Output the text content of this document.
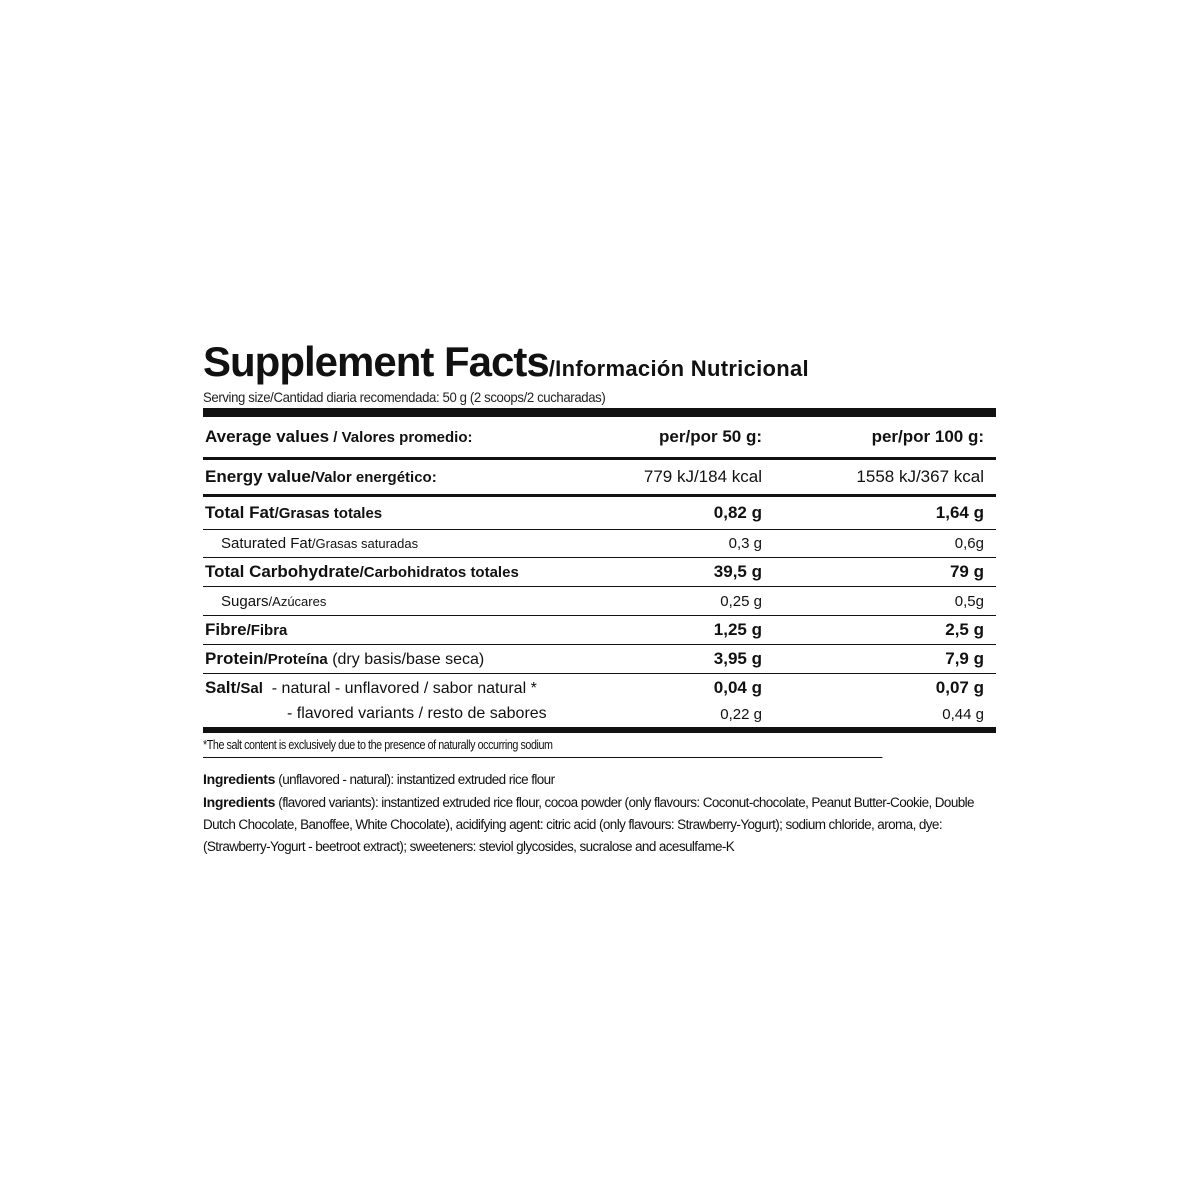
Supplement Facts/Información Nutricional
Serving size/Cantidad diaria recomendada: 50 g (2 scoops/2 cucharadas)
Average values / Valores promedio:	per/por 50 g:	per/por 100 g:
Energy value/Valor energético:	779 kJ/184 kcal	1558 kJ/367 kcal
Total Fat/Grasas totales	0,82 g	1,64 g
Saturated Fat/Grasas saturadas	0,3 g	0,6g
Total Carbohydrate/Carbohidratos totales	39,5 g	79 g
Sugars/Azúcares	0,25 g	0,5g
Fibre/Fibra	1,25 g	2,5 g
Protein/Proteína (dry basis/base seca)	3,95 g	7,9 g
Salt/Sal  - natural - unflavored / sabor natural *	0,04 g	0,07 g
- flavored variants / resto de sabores	0,22 g	0,44 g
*The salt content is exclusively due to the presence of naturally occurring sodium

Ingredients (unflavored - natural): instantized extruded rice flour

Ingredients (flavored variants): instantized extruded rice flour, cocoa powder (only flavours: Coconut-chocolate, Peanut Butter-Cookie, Double Dutch Chocolate, Banoffee, White Chocolate), acidifying agent: citric acid (only flavours: Strawberry-Yogurt); sodium chloride, aroma, dye: (Strawberry-Yogurt - beetroot extract); sweeteners: steviol glycosides, sucralose and acesulfame-K
